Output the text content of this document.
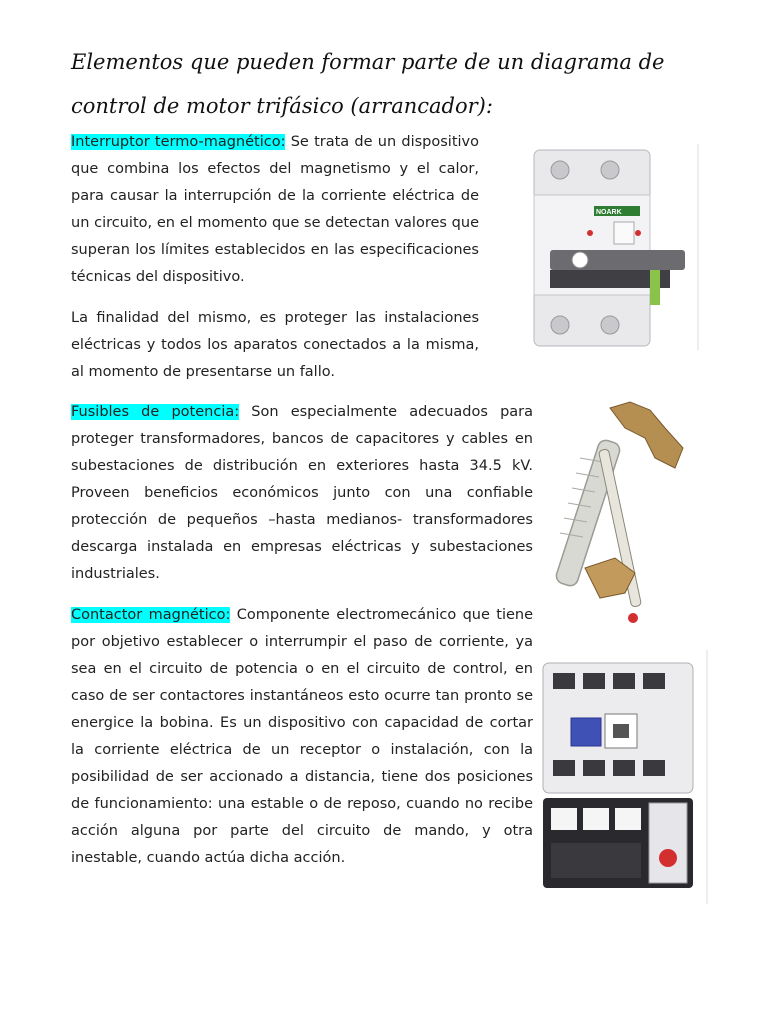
Elementos que pueden formar parte de un diagrama de control de motor trifásico (arrancador):

Interruptor termo-magnético: Se trata de un dispositivo que combina los efectos del magnetismo y el calor, para causar la interrupción de la corriente eléctrica de un circuito, en el momento que se detectan valores que superan los límites establecidos en las especificaciones técnicas del dispositivo.

La finalidad del mismo, es proteger las instalaciones eléctricas y todos los aparatos conectados a la misma, al momento de presentarse un fallo.

NOARK

Fusibles de potencia: Son especialmente adecuados para proteger transformadores, bancos de capacitores y cables en subestaciones de distribución en exteriores hasta 34.5 kV. Proveen beneficios económicos junto con una confiable protección de pequeños –hasta medianos- transformadores descarga instalada en empresas eléctricas y subestaciones industriales.

Contactor magnético: Componente electromecánico que tiene por objetivo establecer o interrumpir el paso de corriente, ya sea en el circuito de potencia o en el circuito de control, en caso de ser contactores instantáneos esto ocurre tan pronto se energice la bobina. Es un dispositivo con capacidad de cortar la corriente eléctrica de un receptor o instalación, con la posibilidad de ser accionado a distancia, tiene dos posiciones de funcionamiento: una estable o de reposo, cuando no recibe acción alguna por parte del circuito de mando, y otra inestable, cuando actúa dicha acción.
